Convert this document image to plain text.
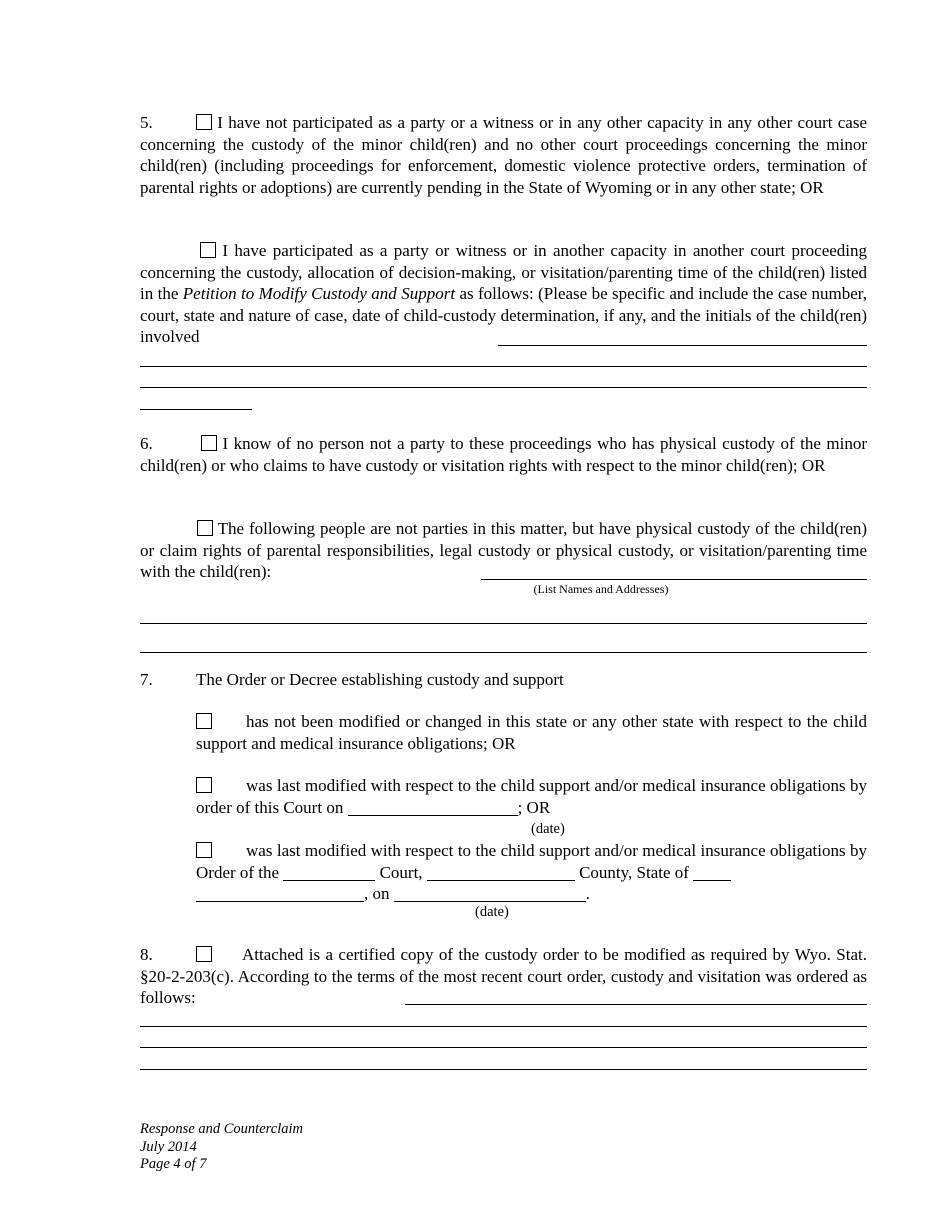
5.	I have not participated as a party or a witness or in any other capacity in any other court case concerning the custody of the minor child(ren) and no other court proceedings concerning the minor child(ren) (including proceedings for enforcement, domestic violence protective orders, termination of parental rights or adoptions) are currently pending in the State of Wyoming or in any other state; OR
I have participated as a party or witness or in another capacity in another court proceeding concerning the custody, allocation of decision-making, or visitation/parenting time of the child(ren) listed in the Petition to Modify Custody and Support as follows: (Please be specific and include the case number, court, state and nature of case, date of child-custody determination, if any, and the initials of the child(ren) involved
6.	I know of no person not a party to these proceedings who has physical custody of the minor child(ren) or who claims to have custody or visitation rights with respect to the minor child(ren); OR
The following people are not parties in this matter, but have physical custody of the child(ren) or claim rights of parental responsibilities, legal custody or physical custody, or visitation/parenting time with the child(ren):
(List Names and Addresses)
7.	The Order or Decree establishing custody and support
has not been modified or changed in this state or any other state with respect to the child support and medical insurance obligations; OR
was last modified with respect to the child support and/or medical insurance obligations by order of this Court on	; OR
(date)
was last modified with respect to the child support and/or medical insurance obligations by Order of the	Court,	County, State of
, on	.
(date)
8.	Attached is a certified copy of the custody order to be modified as required by Wyo. Stat. §20-2-203(c). According to the terms of the most recent court order, custody and visitation was ordered as follows:
Response and Counterclaim
July 2014
Page 4 of 7
